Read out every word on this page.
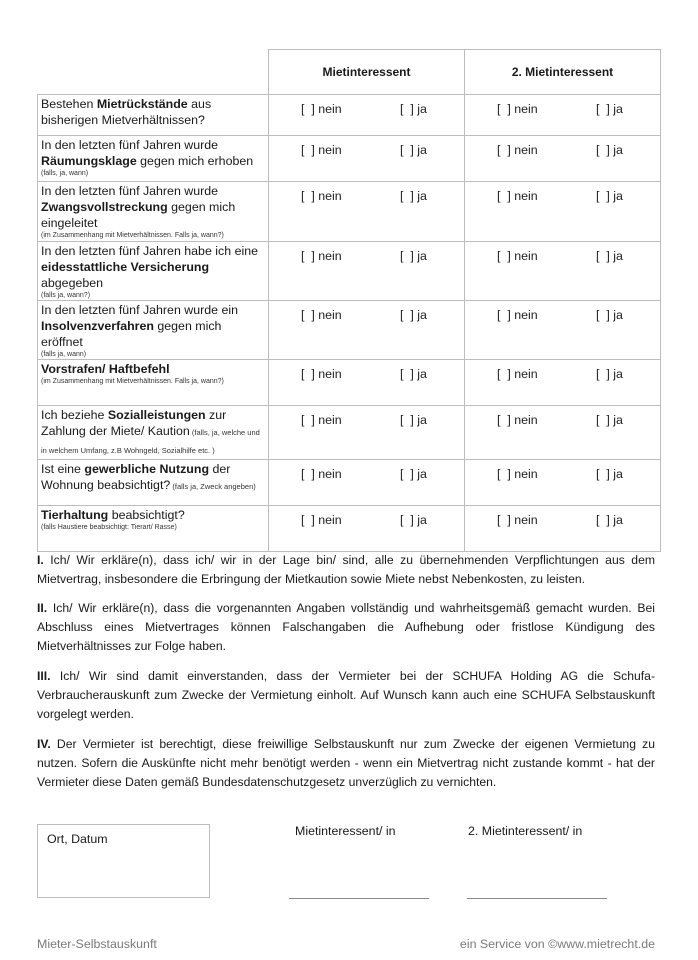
	Mietinteressent	2. Mietinteressent

Bestehen Mietrückstände aus bisherigen Mietverhältnissen?	[  ] nein [  ] ja	[  ] nein [  ] ja

In den letzten fünf Jahren wurde Räumungsklage gegen mich erhoben
(falls, ja, wann)	[  ] nein [  ] ja	[  ] nein [  ] ja

In den letzten fünf Jahren wurde Zwangsvollstreckung gegen mich eingeleitet
(im Zusammenhang mit Mietverhältnissen. Falls ja, wann?)	[  ] nein [  ] ja	[  ] nein [  ] ja

In den letzten fünf Jahren habe ich eine eidesstattliche Versicherung abgegeben
(falls ja, wann?)	[  ] nein [  ] ja	[  ] nein [  ] ja

In den letzten fünf Jahren wurde ein Insolvenzverfahren gegen mich eröffnet
(falls ja, wann)	[  ] nein [  ] ja	[  ] nein [  ] ja

Vorstrafen/ Haftbefehl
(im Zusammenhang mit Mietverhältnissen. Falls ja, wann?)	[  ] nein [  ] ja	[  ] nein [  ] ja

Ich beziehe Sozialleistungen zur Zahlung der Miete/ Kaution (falls, ja, welche und in welchem Umfang, z.B Wohngeld, Sozialhilfe etc. )	[  ] nein [  ] ja	[  ] nein [  ] ja

Ist eine gewerbliche Nutzung der Wohnung beabsichtigt? (falls ja, Zweck angeben)	[  ] nein [  ] ja	[  ] nein [  ] ja

Tierhaltung beabsichtigt?
(falls Haustiere beabsichtigt: Tierart/ Rasse)	[  ] nein [  ] ja	[  ] nein [  ] ja
I. Ich/ Wir erkläre(n), dass ich/ wir in der Lage bin/ sind, alle zu übernehmenden Verpflichtungen aus dem Mietvertrag, insbesondere die Erbringung der Mietkaution sowie Miete nebst Nebenkosten, zu leisten.
II. Ich/ Wir erkläre(n), dass die vorgenannten Angaben vollständig und wahrheitsgemäß gemacht wurden. Bei Abschluss eines Mietvertrages können Falschangaben die Aufhebung oder fristlose Kündigung des Mietverhältnisses zur Folge haben.
III. Ich/ Wir sind damit einverstanden, dass der Vermieter bei der SCHUFA Holding AG die Schufa-Verbraucherauskunft zum Zwecke der Vermietung einholt. Auf Wunsch kann auch eine SCHUFA Selbstauskunft vorgelegt werden.
IV. Der Vermieter ist berechtigt, diese freiwillige Selbstauskunft nur zum Zwecke der eigenen Vermietung zu nutzen. Sofern die Auskünfte nicht mehr benötigt werden - wenn ein Mietvertrag nicht zustande kommt - hat der Vermieter diese Daten gemäß Bundesdatenschutzgesetz unverzüglich zu vernichten.
Ort, Datum
Mietinteressent/ in	2. Mietinteressent/ in
Mieter-Selbstauskunft	ein Service von ©www.mietrecht.de
